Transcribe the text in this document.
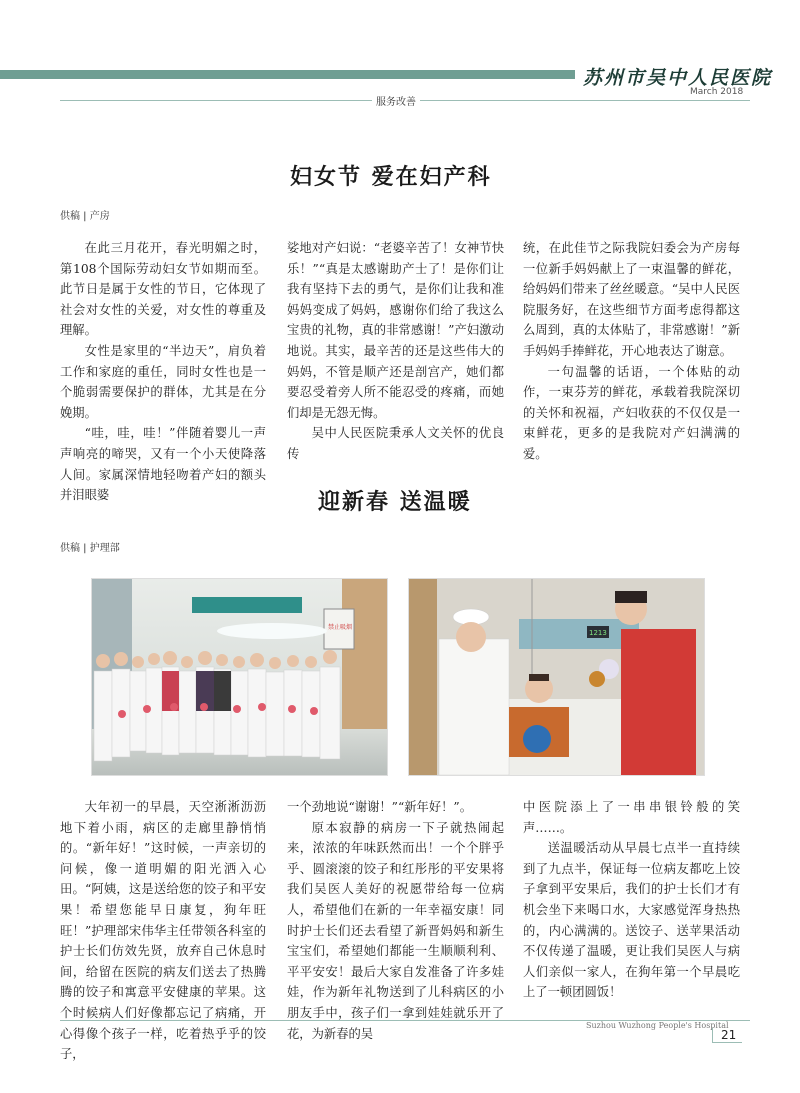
苏州市吴中人民医院
March 2018
服务改善
妇女节 爱在妇产科
供稿 | 产房

在此三月花开，春光明媚之时，第108个国际劳动妇女节如期而至。此节日是属于女性的节日，它体现了社会对女性的关爱，对女性的尊重及理解。

女性是家里的“半边天”，肩负着工作和家庭的重任，同时女性也是一个脆弱需要保护的群体，尤其是在分娩期。

“哇，哇，哇！”伴随着婴儿一声声响亮的啼哭，又有一个小天使降落人间。家属深情地轻吻着产妇的额头并泪眼婆

娑地对产妇说：“老婆辛苦了！女神节快乐！”“真是太感谢助产士了！是你们让我有坚持下去的勇气，是你们让我和准妈妈变成了妈妈，感谢你们给了我这么宝贵的礼物，真的非常感谢！”产妇激动地说。其实，最辛苦的还是这些伟大的妈妈，不管是顺产还是剖宫产，她们都要忍受着旁人所不能忍受的疼痛，而她们却是无怨无悔。

吴中人民医院秉承人文关怀的优良传

统，在此佳节之际我院妇委会为产房每一位新手妈妈献上了一束温馨的鲜花，给妈妈们带来了丝丝暖意。“吴中人民医院服务好，在这些细节方面考虑得都这么周到，真的太体贴了，非常感谢！”新手妈妈手捧鲜花，开心地表达了谢意。

一句温馨的话语，一个体贴的动作，一束芬芳的鲜花，承载着我院深切的关怀和祝福，产妇收获的不仅仅是一束鲜花，更多的是我院对产妇满满的爱。

迎新春 送温暖
供稿 | 护理部
禁止吸烟
1213

大年初一的早晨，天空淅淅沥沥地下着小雨，病区的走廊里静悄悄的。“新年好！”这时候，一声亲切的问候，像一道明媚的阳光洒入心田。“阿姨，这是送给您的饺子和平安果！希望您能早日康复，狗年旺旺！”护理部宋伟华主任带领各科室的护士长们仿效先贤，放弃自己休息时间，给留在医院的病友们送去了热腾腾的饺子和寓意平安健康的苹果。这个时候病人们好像都忘记了病痛，开心得像个孩子一样，吃着热乎乎的饺子，

一个劲地说“谢谢！”“新年好！”。

原本寂静的病房一下子就热闹起来，浓浓的年味跃然而出！一个个胖乎乎、圆滚滚的饺子和红彤彤的平安果将我们吴医人美好的祝愿带给每一位病人，希望他们在新的一年幸福安康！同时护士长们还去看望了新晋妈妈和新生宝宝们，希望她们都能一生顺顺利利、平平安安！最后大家自发准备了许多娃娃，作为新年礼物送到了儿科病区的小朋友手中，孩子们一拿到娃娃就乐开了花，为新春的吴

中医院添上了一串串银铃般的笑声……。

送温暖活动从早晨七点半一直持续到了九点半，保证每一位病友都吃上饺子拿到平安果后，我们的护士长们才有机会坐下来喝口水，大家感觉浑身热热的，内心满满的。送饺子、送苹果活动不仅传递了温暖，更让我们吴医人与病人们亲似一家人，在狗年第一个早晨吃上了一顿团圆饭！

Suzhou Wuzhong People's Hospital
21
